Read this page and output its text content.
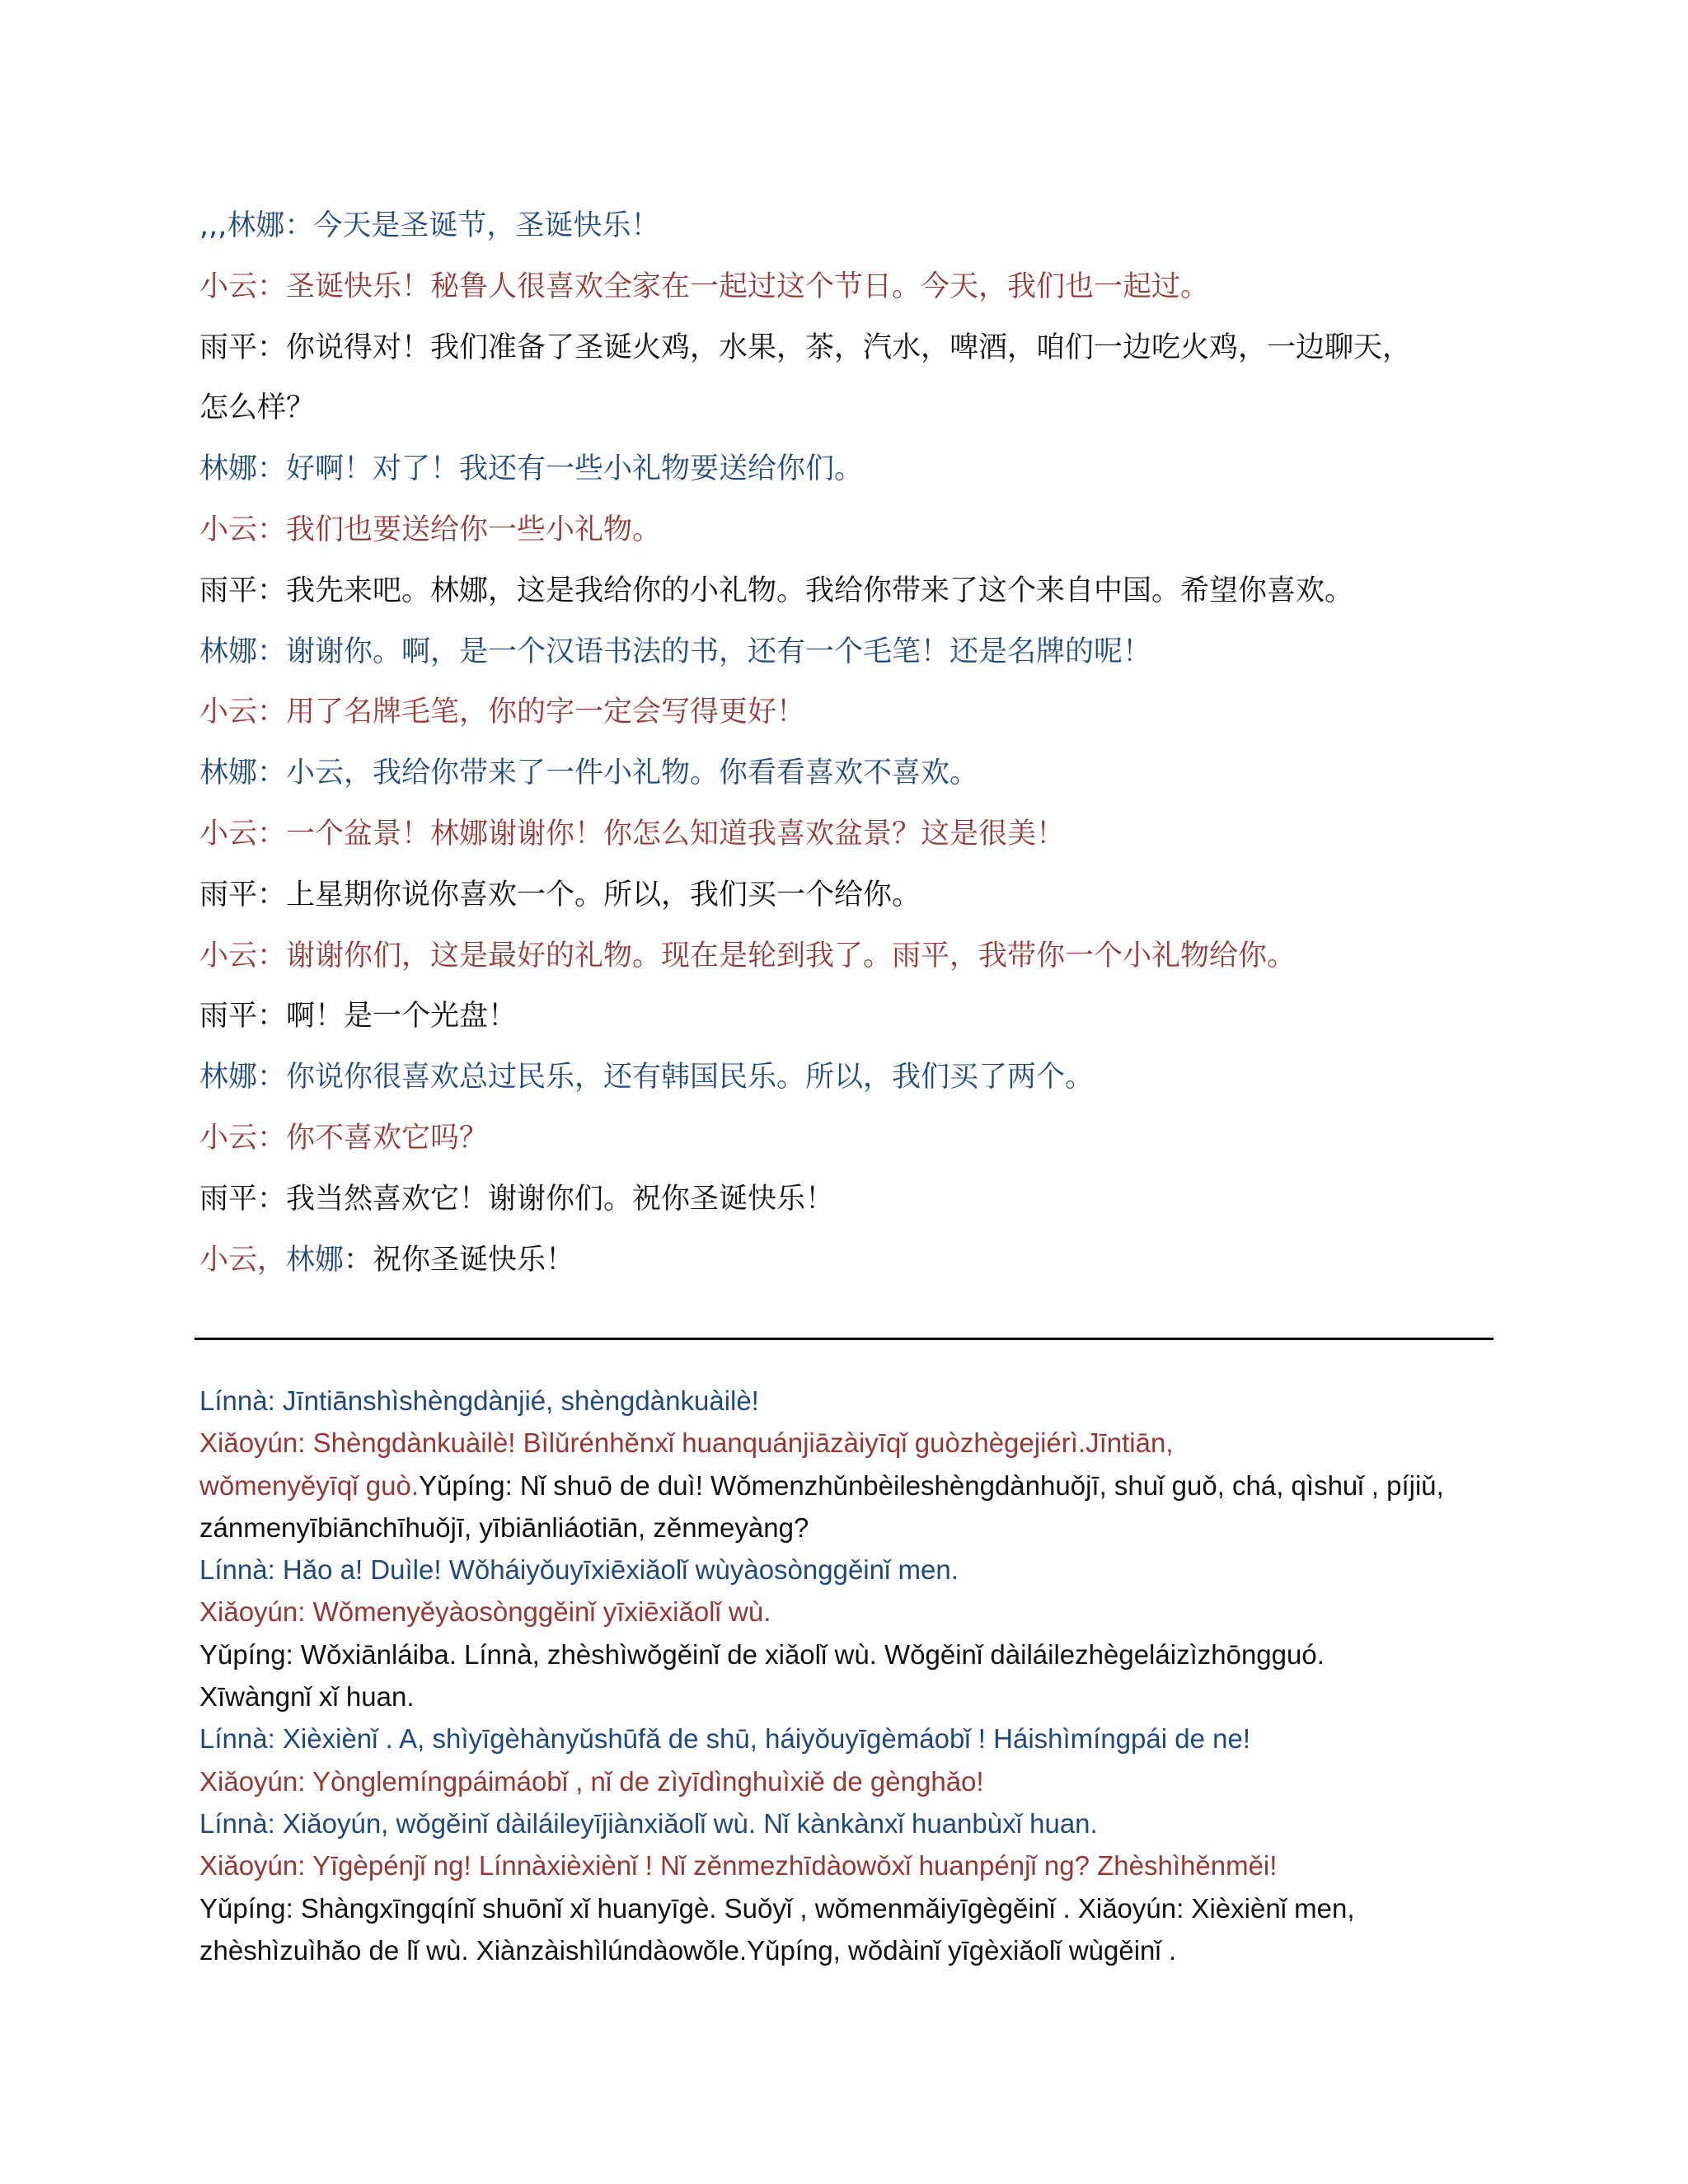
,,,林娜：今天是圣诞节，圣诞快乐！

小云：圣诞快乐！秘鲁人很喜欢全家在一起过这个节日。今天，我们也一起过。

雨平：你说得对！我们准备了圣诞火鸡，水果，茶，汽水，啤酒，咱们一边吃火鸡，一边聊天，

怎么样？

林娜：好啊！对了！我还有一些小礼物要送给你们。

小云：我们也要送给你一些小礼物。

雨平：我先来吧。林娜，这是我给你的小礼物。我给你带来了这个来自中国。希望你喜欢。

林娜：谢谢你。啊，是一个汉语书法的书，还有一个毛笔！还是名牌的呢！

小云：用了名牌毛笔，你的字一定会写得更好！

林娜：小云，我给你带来了一件小礼物。你看看喜欢不喜欢。

小云：一个盆景！林娜谢谢你！你怎么知道我喜欢盆景？这是很美！

雨平：上星期你说你喜欢一个。所以，我们买一个给你。

小云：谢谢你们，这是最好的礼物。现在是轮到我了。雨平，我带你一个小礼物给你。

雨平：啊！是一个光盘！

林娜：你说你很喜欢总过民乐，还有韩国民乐。所以，我们买了两个。

小云：你不喜欢它吗？

雨平：我当然喜欢它！谢谢你们。祝你圣诞快乐！

小云，林娜：祝你圣诞快乐！

Línnà: Jīntiānshìshèngdànjié, shèngdànkuàilè!

Xiǎoyún: Shèngdànkuàilè! Bìlǔrénhěnxǐ huanquánjiāzàiyīqǐ guòzhègejiérì.Jīntiān,

wǒmenyěyīqǐ guò.Yǔpíng: Nǐ shuō de duì! Wǒmenzhǔnbèileshèngdànhuǒjī, shuǐ guǒ, chá, qìshuǐ , píjiǔ,

zánmenyībiānchīhuǒjī, yībiānliáotiān, zěnmeyàng?

Línnà: Hǎo a! Duìle! Wǒháiyǒuyīxiēxiǎolǐ wùyàosònggěinǐ men.

Xiǎoyún: Wǒmenyěyàosònggěinǐ yīxiēxiǎolǐ wù.

Yǔpíng: Wǒxiānláiba. Línnà, zhèshìwǒgěinǐ de xiǎolǐ wù. Wǒgěinǐ dàiláilezhègeláizìzhōngguó.

Xīwàngnǐ xǐ huan.

Línnà: Xièxiènǐ . A, shìyīgèhànyǔshūfǎ de shū, háiyǒuyīgèmáobǐ ! Háishìmíngpái de ne!

Xiǎoyún: Yònglemíngpáimáobǐ , nǐ de zìyīdìnghuìxiě de gènghǎo!

Línnà: Xiǎoyún, wǒgěinǐ dàiláileyījiànxiǎolǐ wù. Nǐ kànkànxǐ huanbùxǐ huan.

Xiǎoyún: Yīgèpénjǐ ng! Línnàxièxiènǐ ! Nǐ zěnmezhīdàowǒxǐ huanpénjǐ ng? Zhèshìhěnměi!

Yǔpíng: Shàngxīngqínǐ shuōnǐ xǐ huanyīgè. Suǒyǐ , wǒmenmǎiyīgègěinǐ . Xiǎoyún: Xièxiènǐ men,

zhèshìzuìhǎo de lǐ wù. Xiànzàishìlúndàowǒle.Yǔpíng, wǒdàinǐ yīgèxiǎolǐ wùgěinǐ .
